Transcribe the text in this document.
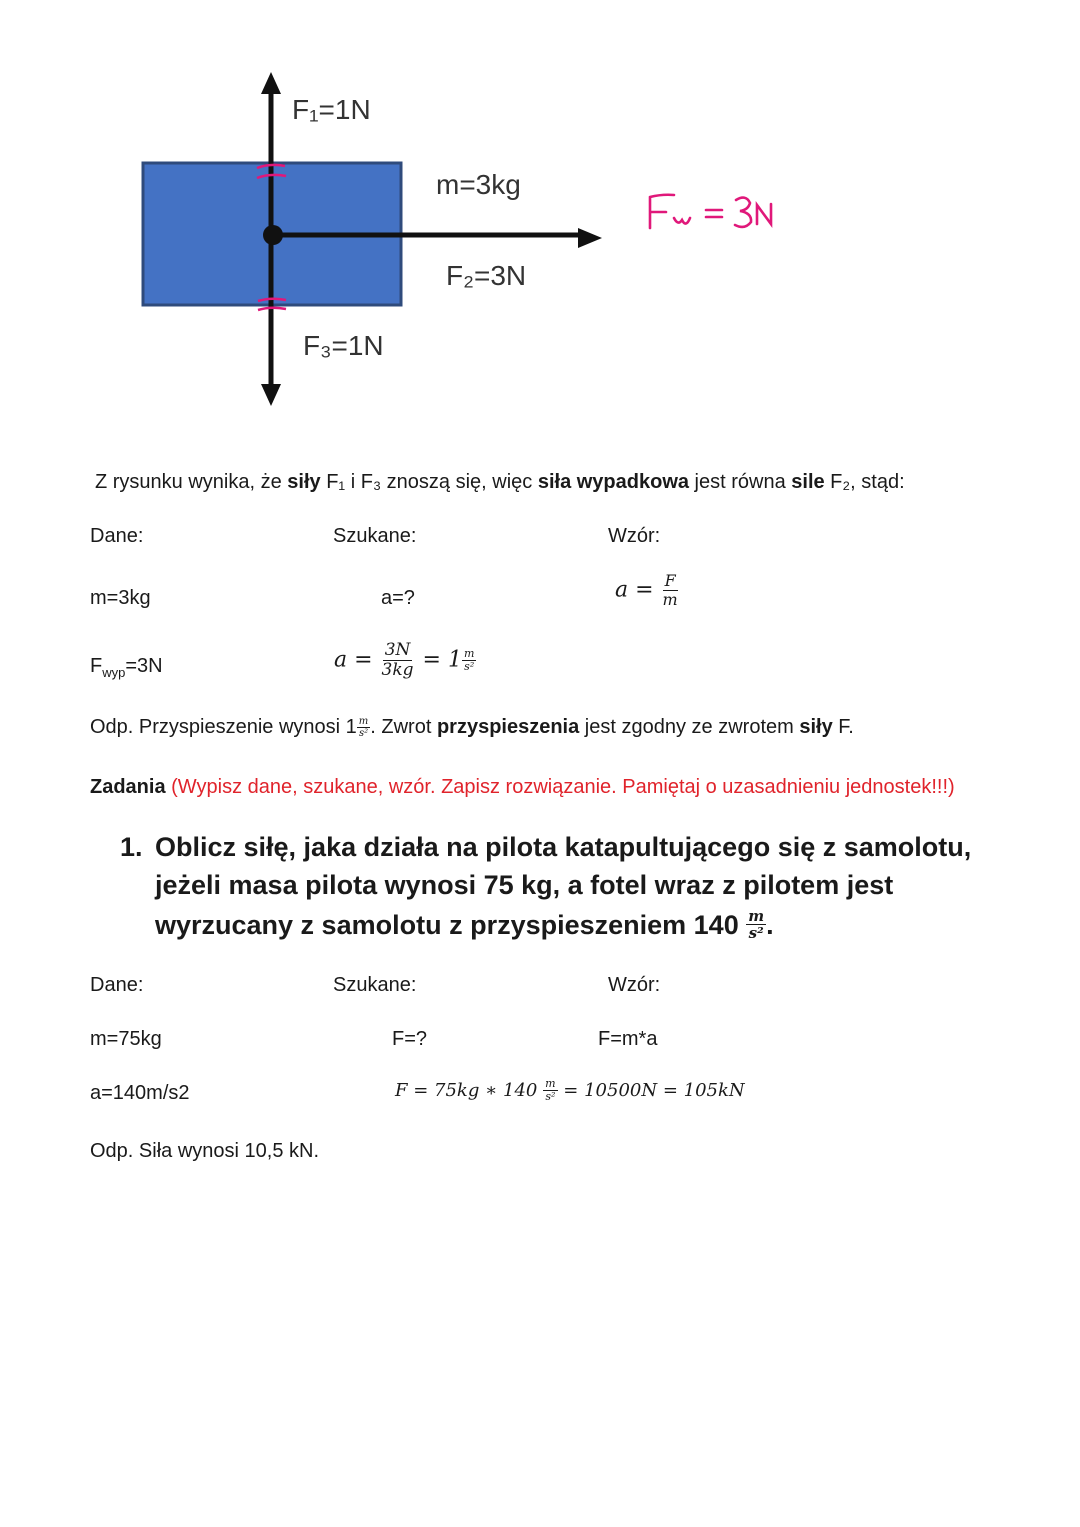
F₁=1N
m=3kg
F₂=3N
F₃=1N
Z rysunku wynika, że siły F₁ i F₃ znoszą się, więc siła wypadkowa jest równa sile F₂, stąd:
Dane:	Szukane:	Wzór:
m=3kg	a=?	$a = \frac{F}{m}$
$F_{wyp}=3N$	$a = \frac{3N}{3kg} = 1 \frac{m}{\text{s²}}$
Odp. Przyspieszenie wynosi $1 \frac{m}{\text{s²}}$ . Zwrot przyspieszenia jest zgodny ze zwrotem siły F.
Zadania (Wypisz dane, szukane, wzór. Zapisz rozwiązanie. Pamiętaj o uzasadnieniu jednostek!!!)
1. Oblicz siłę, jaka działa na pilota katapultującego się z samolotu,
jeżeli masa pilota wynosi 75 kg, a fotel wraz z pilotem jest
wyrzucany z samolotu z przyspieszeniem $140 \frac{m}{\text{s²}}$ .
Dane:	Szukane:	Wzór:
m=75kg	F=?	F=m*a
a=140m/s2	F = 75kg ∗ $140 \frac{m}{\text{s²}} = 10500N = 105kN$
Odp. Siła wynosi 10,5 kN.
